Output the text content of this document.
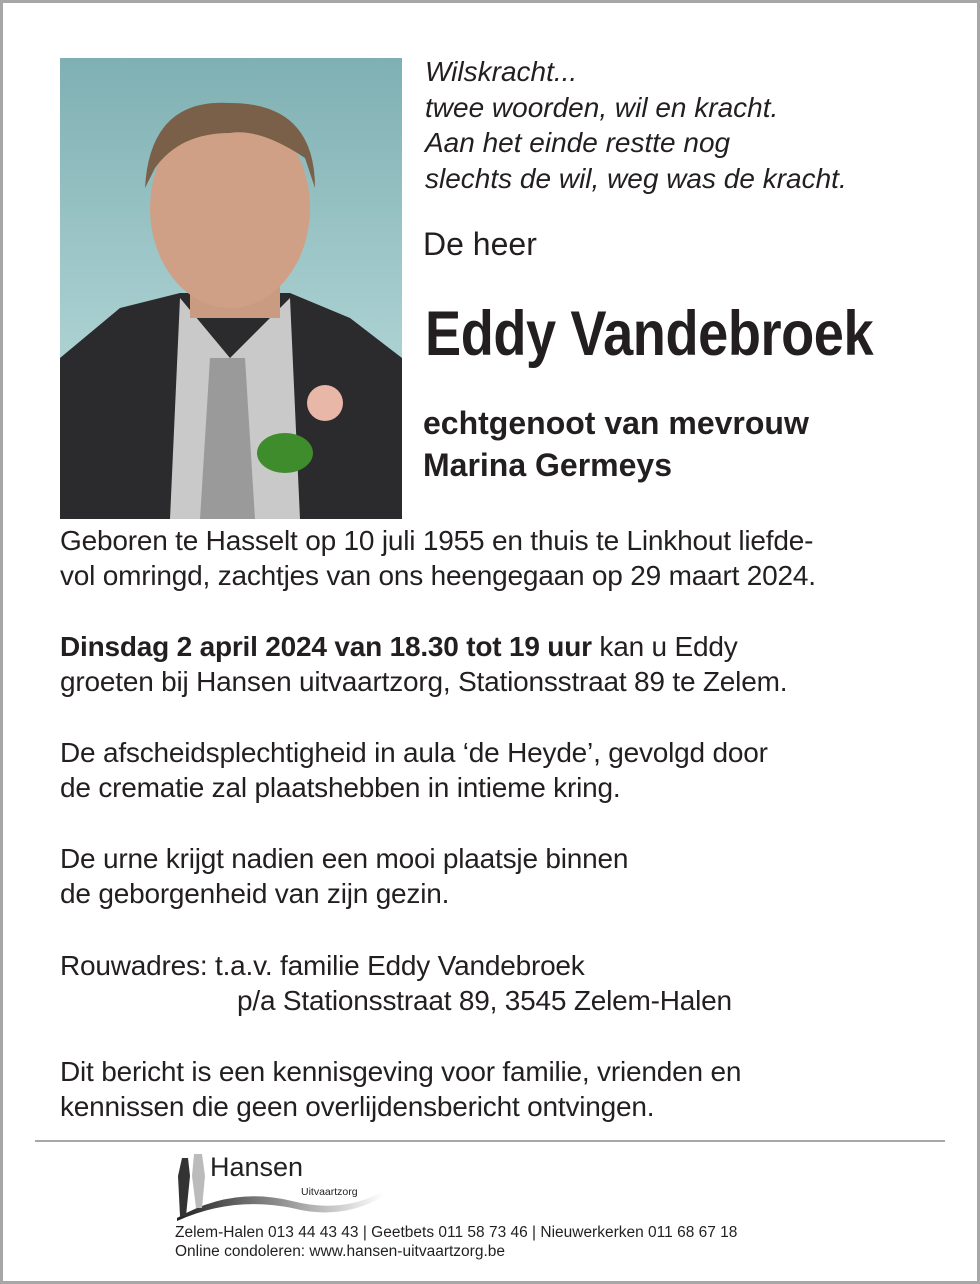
Wilskracht...
twee woorden, wil en kracht.
Aan het einde restte nog
slechts de wil, weg was de kracht.
De heer
Eddy Vandebroek
echtgenoot van mevrouw
Marina Germeys
Geboren te Hasselt op 10 juli 1955 en thuis te Linkhout liefde-
vol omringd, zachtjes van ons heengegaan op 29 maart 2024.
Dinsdag 2 april 2024 van 18.30 tot 19 uur kan u Eddy
groeten bij Hansen uitvaartzorg, Stationsstraat 89 te Zelem.
De afscheidsplechtigheid in aula ‘de Heyde’, gevolgd door
de crematie zal plaatshebben in intieme kring.
De urne krijgt nadien een mooi plaatsje binnen
de geborgenheid van zijn gezin.
Rouwadres: t.a.v. familie Eddy Vandebroek
p/a Stationsstraat 89, 3545 Zelem-Halen
Dit bericht is een kennisgeving voor familie, vrienden en
kennissen die geen overlijdensbericht ontvingen.
Hansen
Uitvaartzorg
Zelem-Halen 013 44 43 43 | Geetbets 011 58 73 46 | Nieuwerkerken 011 68 67 18
Online condoleren: www.hansen-uitvaartzorg.be
